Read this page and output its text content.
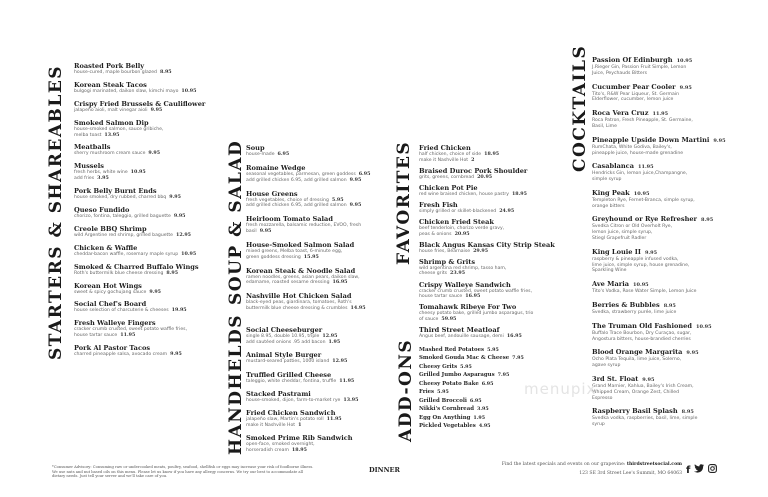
STARTERS & SHAREABLES Roasted Pork Belly
house-cured, maple bourbon glazed 8.95
Korean Steak Tacos
bulgogi marinated, daikon slaw, kimchi mayo 10.95
Crispy Fried Brussels & Cauliflower
jalapeño aioli, malt vinegar aioli 9.95
Smoked Salmon Dip
house-smoked salmon, sauce gribiche,
melba toast 13.95
Meatballs
sherry mushroom cream sauce 9.95
Mussels
fresh herbs, white wine 10.95
add fries 3.95
Pork Belly Burnt Ends
house smoked, dry rubbed, charred bbq 9.95
Queso Fundido
chorizo, fontina, taleggio, grilled baguette 9.95
Creole BBQ Shrimp
wild Argentine red shrimp, grilled baguette 12.95
Chicken & Waffle
cheddar-bacon waffle, rosemary maple syrup 10.95
Smoked & Charred Buffalo Wings
Roth's buttermilk blue cheese dressing 8.95
Korean Hot Wings
sweet & spicy gochujang sauce 9.95
Social Chef's Board
house selection of charcuterie & cheeses 19.95
Fresh Walleye Fingers
cracker crumb crusted, sweet potato waffle fries,
house tartar sauce 11.95
Pork Al Pastor Tacos
charred pineapple salsa, avocado cream 9.95
SOUP & SALAD Soup
house-made 6.95
Romaine Wedge
seasonal vegetables, parmesan, green goddess 6.95
add grilled chicken 6.95, add grilled salmon 9.95
House Greens
fresh vegetables, choice of dressing 5.95
add grilled chicken 6.95, add grilled salmon 9.95
Heirloom Tomato Salad
fresh mozzarella, balsamic reduction, EVOO, fresh
basil 9.95
House-Smoked Salmon Salad
mixed greens, Melba toast, 6-minute egg,
green goddess dressing 15.95
Korean Steak & Noodle Salad
ramen noodles, greens, asian pears, daikon slaw,
edamame, roasted sesame dressing 16.95
Nashville Hot Chicken Salad
black-eyed peas, giardinara, tomatoes, Roth's
buttermilk blue cheese dressing & crumbles 14.95
HANDHELDS Social Cheeseburger
single 8.95, double 10.95, triple 12.95
add sautéed onions .95 add bacon 1.95
Animal Style Burger
mustard-seared patties, 1000 island 12.95
Truffled Grilled Cheese
taleggio, white cheddar, fontina, truffle 11.95
Stacked Pastrami
house-smoked, dijon, farm-to-market rye 13.95
Fried Chicken Sandwich
jalapeño slaw, Martin's potato roll 11.95
make it Nashville Hot 1
Smoked Prime Rib Sandwich
open-face, smoked overnight,
horseradish cream 18.95
FAVORITES Fried Chicken
half chicken, choice of side 18.95
make it Nashville Hot 2
Braised Duroc Pork Shoulder
grits, greens, cornbread 20.95
Chicken Pot Pie
red wine braised chicken, house pastry 18.95
Fresh Fish
simply grilled or skillet-blackened 24.95
Chicken Fried Steak
beef tenderloin, chorizo verde gravy,
peas & onions 20.95
Black Angus Kansas City Strip Steak
house fries, Béarnaise 29.95
Shrimp & Grits
wild argentina red shrimp, tasso ham,
cheese grits 23.95
Crispy Walleye Sandwich
cracker crumb crusted, sweet potato waffle fries,
house tartar sauce 16.95
Tomahawk Ribeye For Two
cheesy potato bake, grilled jumbo asparagus, trio
of sauce 59.95
Third Street Meatloaf
Angus beef, andouille sausage, demi 16.95
ADD-ONS Mashed Red Potatoes 5.95
Smoked Gouda Mac & Cheese 7.95
Cheesy Grits 5.95
Grilled Jumbo Asparagus 7.95
Cheesy Potato Bake 6.95
Fries 5.95
Grilled Broccoli 6.95
Nikki's Cornbread 3.95
Egg On Anything 1.95
Pickled Vegetables 4.95
COCKTAILS Passion Of Edinburgh 10.95
J.Rieger Gin, Passion Fruit Simple, Lemon
Juice, Peychauds Bitters
Cucumber Pear Cooler 9.95
Tito's, R&W Pear Liqueur, St. Germain
Elderflower, cucumber, lemon juice
Roca Vera Cruz 11.95
Roca Patron, Fresh Pineapple, St. Germaine,
Basil, Lime
Pineapple Upside Down Martini 9.95
RumChata, White Godiva, Bailey's,
pineapple juice, house-made grenadine
Casablanca 11.95
Hendricks Gin, lemon juice,Champangne,
simple syrup
King Peak 10.95
Templeton Rye, Fernet-Branca, simple syrup,
orange bitters
Greyhound or Rye Refresher 8.95
Svedka Citron or Old Overholt Rye,
lemon juice, simple syrup,
Stiegl Grapefruit Radler
King Louie II 9.95
raspberry & pineapple infused vodka,
lime juice, simple syrup, house grenadine,
Sparkling Wine
Ave Maria 10.95
Tito's Vodka, Rose Water Simple, Lemon Juice
Berries & Bubbles 8.95
Svedka, strawberry purée, lime juice
The Truman Old Fashioned 10.95
Buffalo Trace Bourbon, Dry Curaçao, sugar,
Angostura bitters, house-brandied cherries
Blood Orange Margarita 9.95
Ocho Plata Tequila, lime juice, Solerno,
agave syrup
3rd St. Float 9.95
Grand Marnier, Kahlua, Bailey's Irish Cream,
Whipped Cream, Orange Zest, Chilled
Espresso
Raspberry Basil Splash 8.95
Svedka vodka, raspberries, basil, lime, simple
syrup
menupix
*Consumer Advisory: Consuming raw or undercooked meats, poultry, seafood, shellfish or eggs may increase your risk of foodborne illness. We use nuts and nut based oils on this menu. Please let us know if you have any allergy concerns. We try our best to accommodate all dietary needs. Just tell your server and we'll take care of you.
DINNER
Find the latest specials and events on our grapevine: thirdstreetsocial.com
123 SE 3rd Street Lee's Summit, MO 64063 f
